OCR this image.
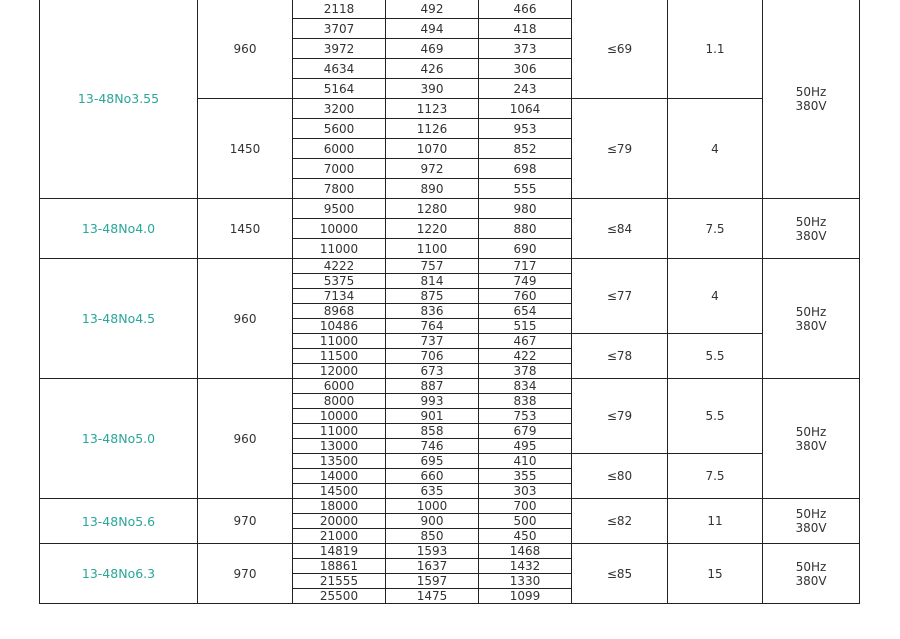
13-48No3.55	960	2118	492	466	≤69	1.1	50Hz
380V

		3707	494	418			
		3972	469	373			
		4634	426	306			
		5164	390	243			
	1450	3200	1123	1064	≤79	4	
		5600	1126	953			
		6000	1070	852			
		7000	972	698			
		7800	890	555			
13-48No4.0	1450	9500	1280	980	≤84	7.5	50Hz
380V

		10000	1220	880			
		11000	1100	690			
13-48No4.5	960	4222	757	717	≤77	4	50Hz
380V

		5375	814	749			
		7134	875	760			
		8968	836	654			
		10486	764	515			
		11000	737	467	≤78	5.5	
		11500	706	422			
		12000	673	378			
13-48No5.0	960	6000	887	834	≤79	5.5	50Hz
380V

		8000	993	838			
		10000	901	753			
		11000	858	679			
		13000	746	495			
		13500	695	410	≤80	7.5	
		14000	660	355			
		14500	635	303			
13-48No5.6	970	18000	1000	700	≤82	11	50Hz
380V

		20000	900	500			
		21000	850	450			
13-48No6.3	970	14819	1593	1468	≤85	15	50Hz
380V

		18861	1637	1432			
		21555	1597	1330			
		25500	1475	1099			
